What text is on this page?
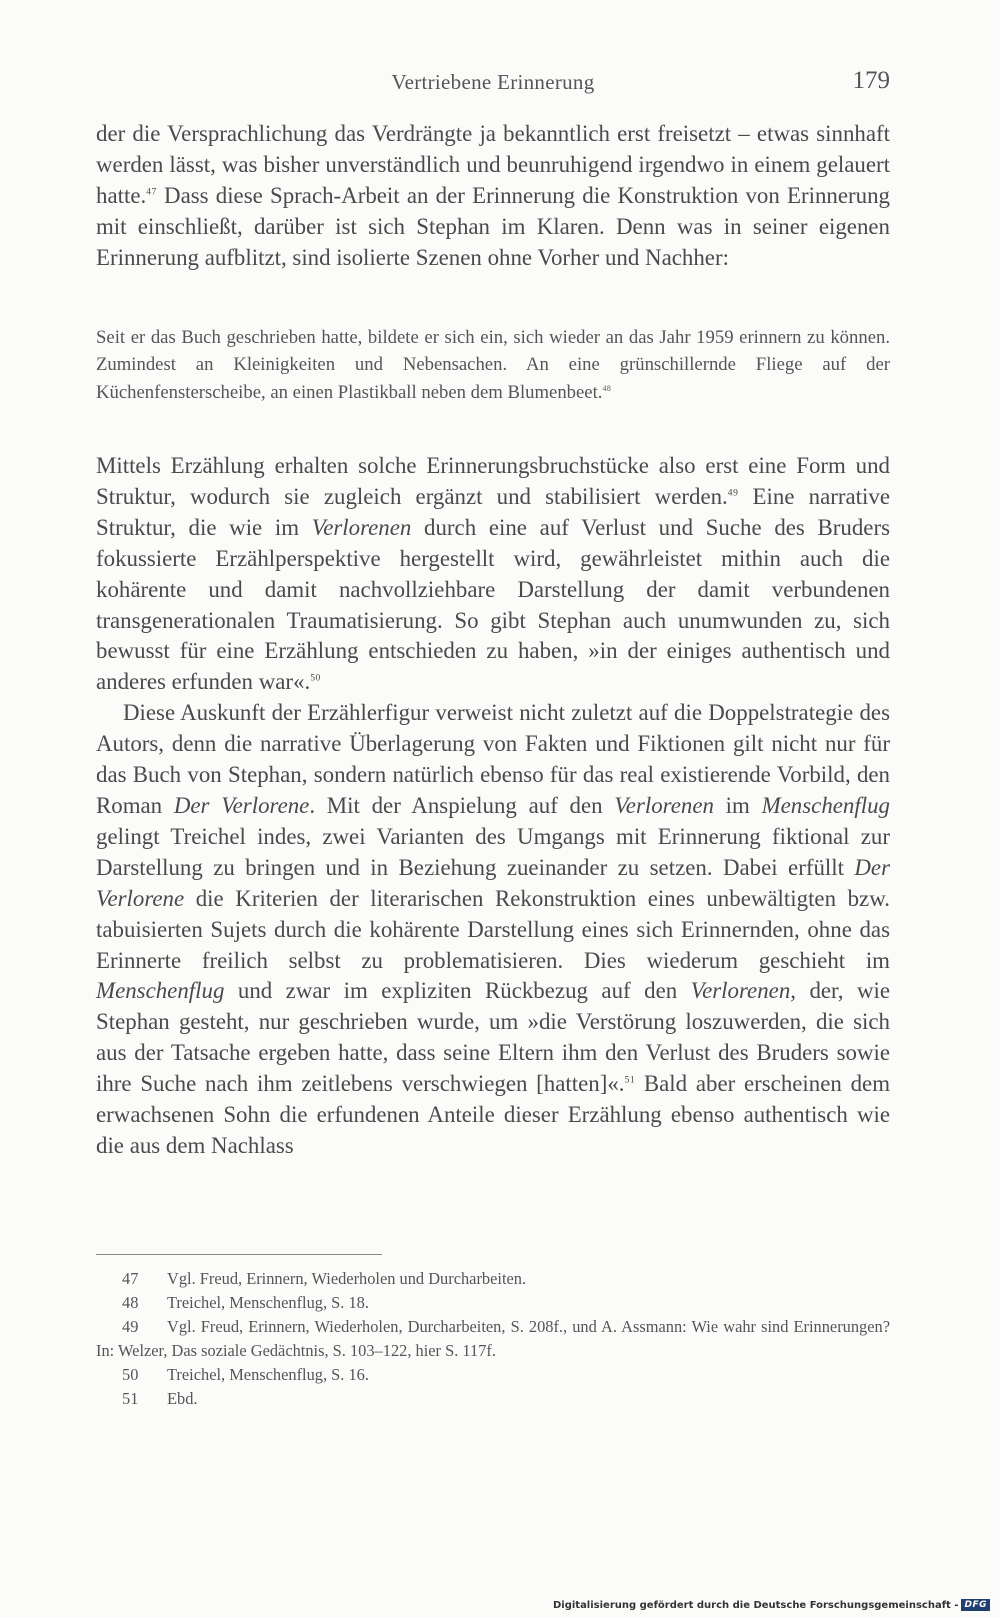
Vertriebene Erinnerung	179

der die Versprachlichung das Verdrängte ja bekanntlich erst freisetzt – etwas sinnhaft werden lässt, was bisher unverständlich und beunruhigend irgendwo in einem gelauert hatte.$^{47}$ Dass diese Sprach-Arbeit an der Erinnerung die Konstruktion von Erinnerung mit einschließt, darüber ist sich Stephan im Klaren. Denn was in seiner eigenen Erinnerung aufblitzt, sind isolierte Szenen ohne Vorher und Nachher:

Seit er das Buch geschrieben hatte, bildete er sich ein, sich wieder an das Jahr 1959 erinnern zu können. Zumindest an Kleinigkeiten und Nebensachen. An eine grünschillernde Fliege auf der Küchenfensterscheibe, an einen Plastikball neben dem Blumenbeet.$^{48}$

Mittels Erzählung erhalten solche Erinnerungsbruchstücke also erst eine Form und Struktur, wodurch sie zugleich ergänzt und stabilisiert werden.$^{49}$ Eine narrative Struktur, die wie im Verlorenen durch eine auf Verlust und Suche des Bruders fokussierte Erzählperspektive hergestellt wird, gewährleistet mithin auch die kohärente und damit nachvollziehbare Darstellung der damit verbundenen transgenerationalen Traumatisierung. So gibt Stephan auch unumwunden zu, sich bewusst für eine Erzählung entschieden zu haben, »in der einiges authentisch und anderes erfunden war«.$^{50}$

Diese Auskunft der Erzählerfigur verweist nicht zuletzt auf die Doppelstrategie des Autors, denn die narrative Überlagerung von Fakten und Fiktionen gilt nicht nur für das Buch von Stephan, sondern natürlich ebenso für das real existierende Vorbild, den Roman Der Verlorene. Mit der Anspielung auf den Verlorenen im Menschenflug gelingt Treichel indes, zwei Varianten des Umgangs mit Erinnerung fiktional zur Darstellung zu bringen und in Beziehung zueinander zu setzen. Dabei erfüllt Der Verlorene die Kriterien der literarischen Rekonstruktion eines unbewältigten bzw. tabuisierten Sujets durch die kohärente Darstellung eines sich Erinnernden, ohne das Erinnerte freilich selbst zu problematisieren. Dies wiederum geschieht im Menschenflug und zwar im expliziten Rückbezug auf den Verlorenen, der, wie Stephan gesteht, nur geschrieben wurde, um »die Verstörung loszuwerden, die sich aus der Tatsache ergeben hatte, dass seine Eltern ihm den Verlust des Bruders sowie ihre Suche nach ihm zeitlebens verschwiegen [hatten]«.$^{51}$ Bald aber erscheinen dem erwachsenen Sohn die erfundenen Anteile dieser Erzählung ebenso authentisch wie die aus dem Nachlass

47 Vgl. Freud, Erinnern, Wiederholen und Durcharbeiten.

48 Treichel, Menschenflug, S. 18.

49 Vgl. Freud, Erinnern, Wiederholen, Durcharbeiten, S. 208f., und A. Assmann: Wie wahr sind Erinnerungen? In: Welzer, Das soziale Gedächtnis, S. 103–122, hier S. 117f.

50 Treichel, Menschenflug, S. 16.

51 Ebd.

Digitalisierung gefördert durch die Deutsche Forschungsgemeinschaft - DFG
